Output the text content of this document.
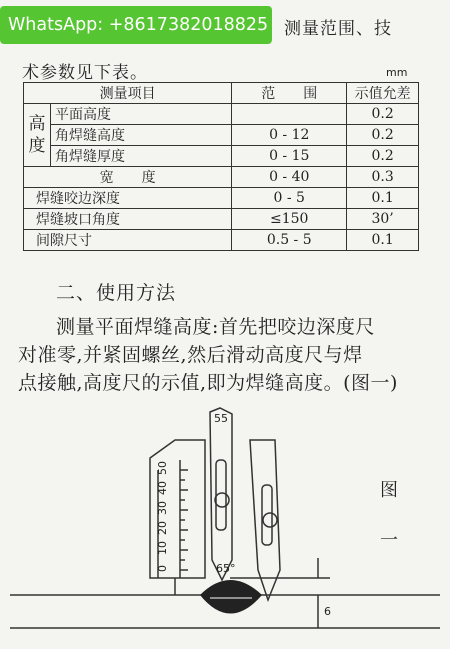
WhatsApp: +8617382018825 测量范围、技
术参数见下表。	mm
测量项目		范　　围	示值允差

高
度	平面高度		0.2
	角焊缝高度	0 - 12	0.2
	角焊缝厚度	0 - 15	0.2
宽　　度		0 - 40	0.3
焊缝咬边深度		0 - 5	0.1
焊缝坡口角度		≤150	30’
间隙尺寸		0.5 - 5	0.1
二、使用方法
测量平面焊缝高度:首先把咬边深度尺
对准零,并紧固螺丝,然后滑动高度尺与焊
点接触,高度尺的示值,即为焊缝高度。(图一)
50
40
30
20
10
0
55
65°
6
图
一
